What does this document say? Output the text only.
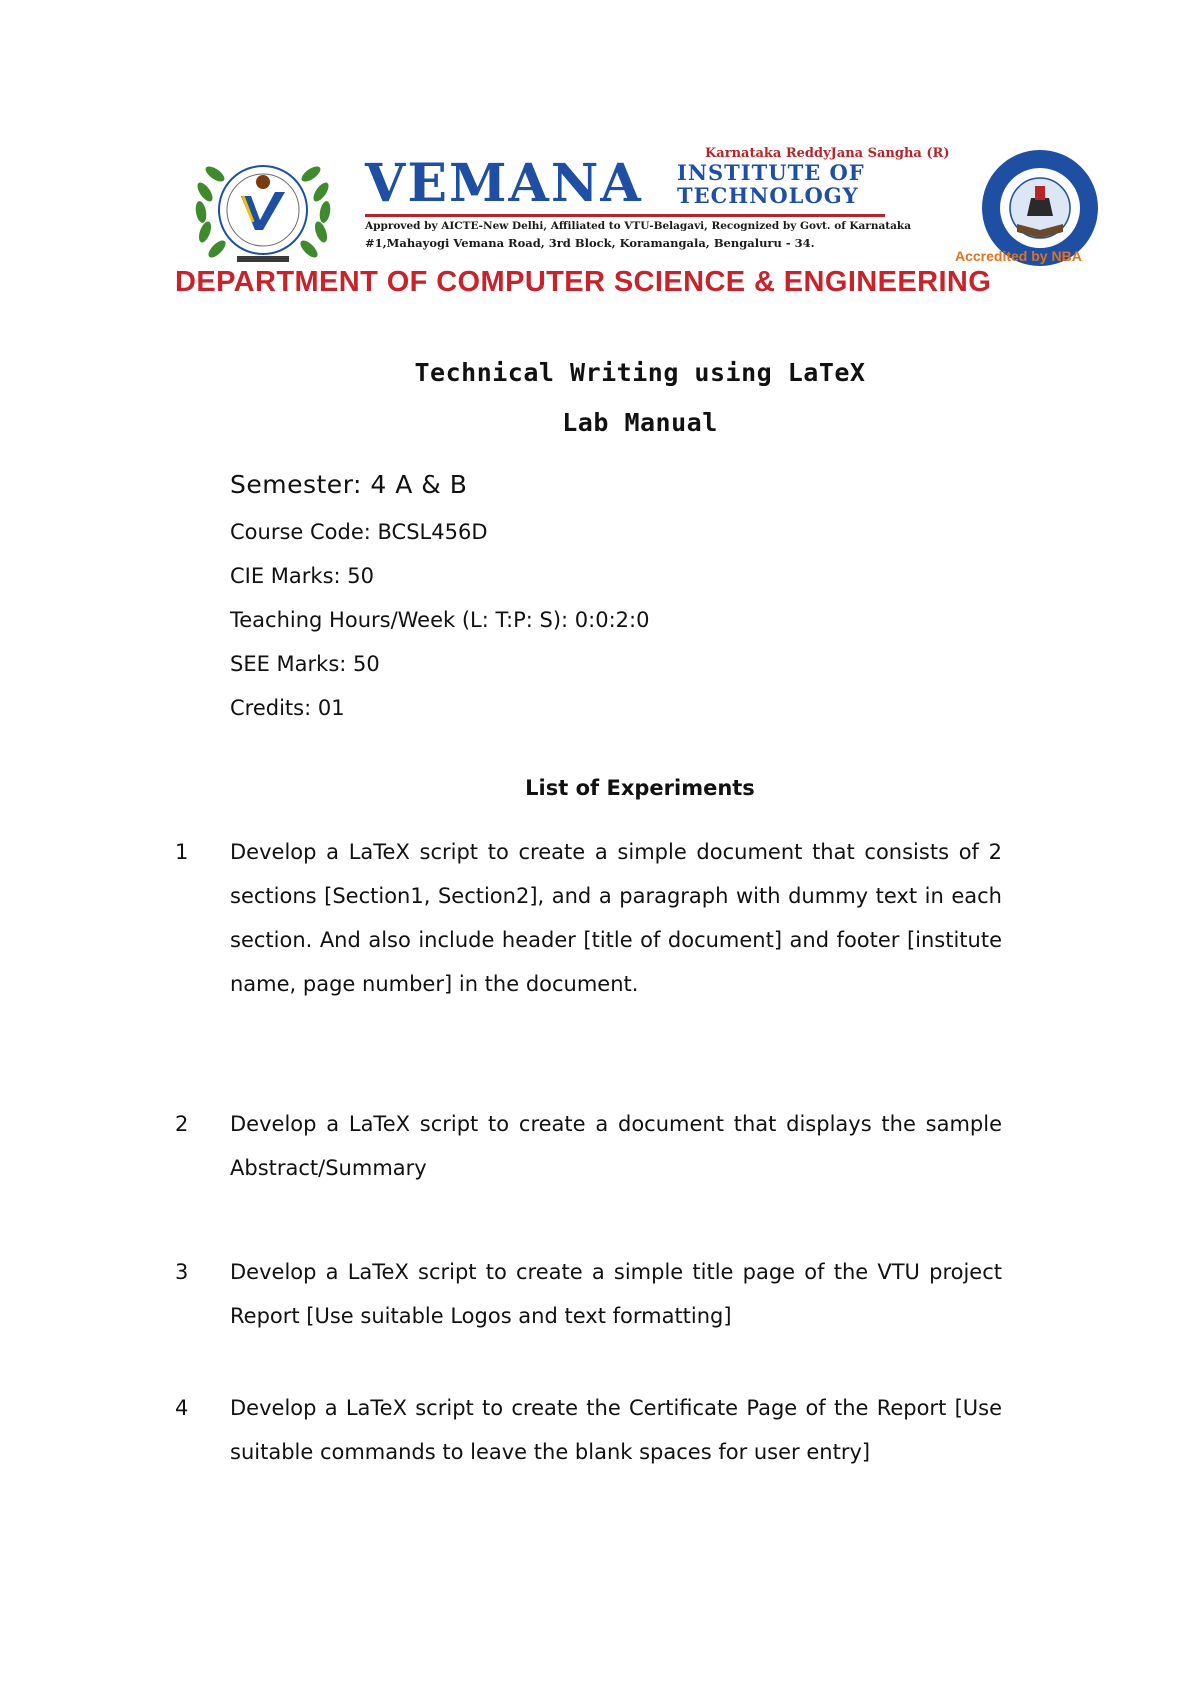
Karnataka ReddyJana Sangha (R)
VEMANA INSTITUTE OF
TECHNOLOGY
Approved by AICTE-New Delhi, Affiliated to VTU-Belagavi, Recognized by Govt. of Karnataka
#1,Mahayogi Vemana Road, 3rd Block, Koramangala, Bengaluru - 34.
Accredited by NBA
DEPARTMENT OF COMPUTER SCIENCE & ENGINEERING
Technical Writing using LaTeX
Lab Manual
Semester: 4 A & B
Course Code: BCSL456D
CIE Marks: 50
Teaching Hours/Week (L: T:P: S): 0:0:2:0
SEE Marks: 50
Credits: 01
List of Experiments
1 Develop a LaTeX script to create a simple document that consists of 2 sections [Section1, Section2], and a paragraph with dummy text in each section. And also include header [title of document] and footer [institute name, page number] in the document.
2 Develop a LaTeX script to create a document that displays the sample Abstract/Summary
3 Develop a LaTeX script to create a simple title page of the VTU project Report [Use suitable Logos and text formatting]
4 Develop a LaTeX script to create the Certificate Page of the Report [Use suitable commands to leave the blank spaces for user entry]
